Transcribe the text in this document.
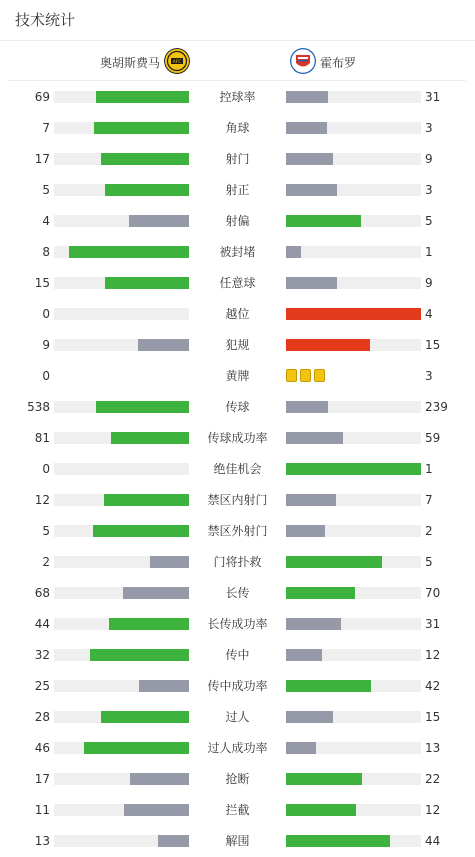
技术统计
奥胡斯费马	AFC	霍布罗
69	控球率	31
7	角球	3
17	射门	9
5	射正	3
4	射偏	5
8	被封堵	1
15	任意球	9
0	越位	4
9	犯规	15
0	黄牌	3
538	传球	239
81	传球成功率	59
0	绝佳机会	1
12	禁区内射门	7
5	禁区外射门	2
2	门将扑救	5
68	长传	70
44	长传成功率	31
32	传中	12
25	传中成功率	42
28	过人	15
46	过人成功率	13
17	抢断	22
11	拦截	12
13	解围	44
